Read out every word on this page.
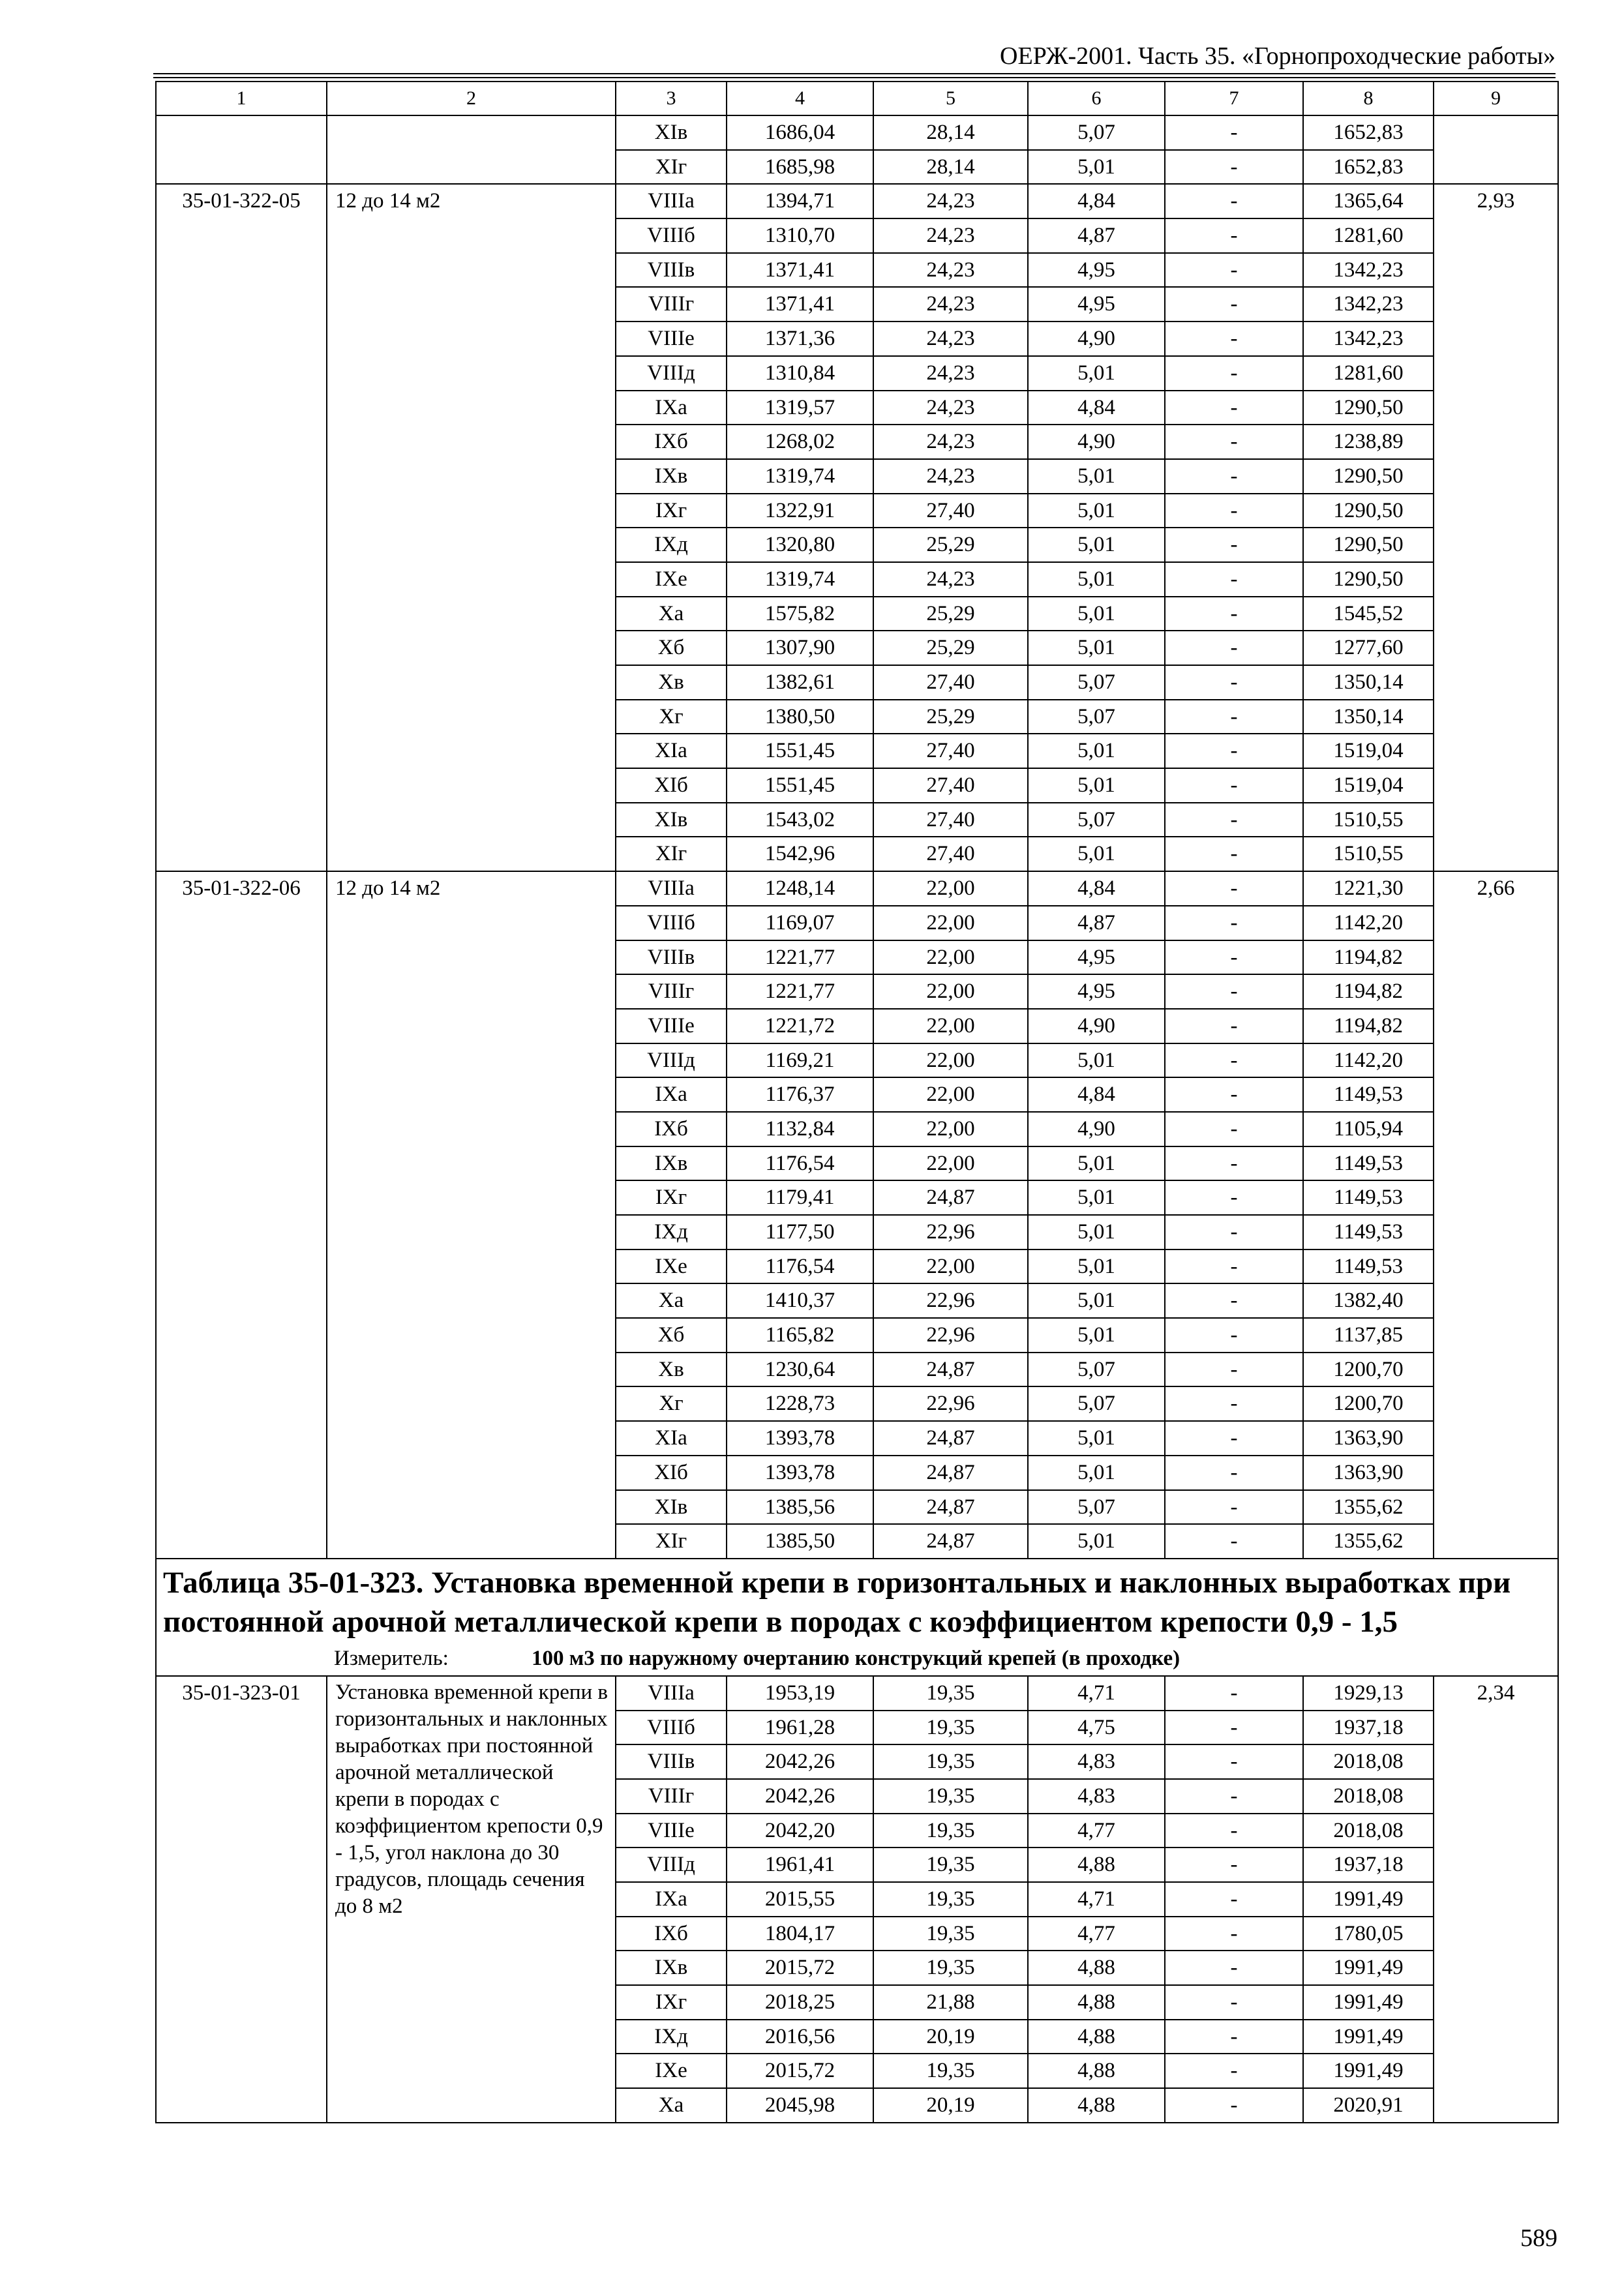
ОЕРЖ-2001. Часть 35. «Горнопроходческие работы»
1	2	3	4	5	6	7	8	9
		XIв	1686,04	28,14	5,07	-	1652,83	
		XIг	1685,98	28,14	5,01	-	1652,83	
35-01-322-05	12 до 14 м2	VIIIа	1394,71	24,23	4,84	-	1365,64	2,93
		VIIIб	1310,70	24,23	4,87	-	1281,60	
		VIIIв	1371,41	24,23	4,95	-	1342,23	
		VIIIг	1371,41	24,23	4,95	-	1342,23	
		VIIIе	1371,36	24,23	4,90	-	1342,23	
		VIIIд	1310,84	24,23	5,01	-	1281,60	
		IXа	1319,57	24,23	4,84	-	1290,50	
		IXб	1268,02	24,23	4,90	-	1238,89	
		IXв	1319,74	24,23	5,01	-	1290,50	
		IXг	1322,91	27,40	5,01	-	1290,50	
		IXд	1320,80	25,29	5,01	-	1290,50	
		IXе	1319,74	24,23	5,01	-	1290,50	
		Xа	1575,82	25,29	5,01	-	1545,52	
		Xб	1307,90	25,29	5,01	-	1277,60	
		Xв	1382,61	27,40	5,07	-	1350,14	
		Xг	1380,50	25,29	5,07	-	1350,14	
		XIа	1551,45	27,40	5,01	-	1519,04	
		XIб	1551,45	27,40	5,01	-	1519,04	
		XIв	1543,02	27,40	5,07	-	1510,55	
		XIг	1542,96	27,40	5,01	-	1510,55	
35-01-322-06	12 до 14 м2	VIIIа	1248,14	22,00	4,84	-	1221,30	2,66
		VIIIб	1169,07	22,00	4,87	-	1142,20	
		VIIIв	1221,77	22,00	4,95	-	1194,82	
		VIIIг	1221,77	22,00	4,95	-	1194,82	
		VIIIе	1221,72	22,00	4,90	-	1194,82	
		VIIIд	1169,21	22,00	5,01	-	1142,20	
		IXа	1176,37	22,00	4,84	-	1149,53	
		IXб	1132,84	22,00	4,90	-	1105,94	
		IXв	1176,54	22,00	5,01	-	1149,53	
		IXг	1179,41	24,87	5,01	-	1149,53	
		IXд	1177,50	22,96	5,01	-	1149,53	
		IXе	1176,54	22,00	5,01	-	1149,53	
		Xа	1410,37	22,96	5,01	-	1382,40	
		Xб	1165,82	22,96	5,01	-	1137,85	
		Xв	1230,64	24,87	5,07	-	1200,70	
		Xг	1228,73	22,96	5,07	-	1200,70	
		XIа	1393,78	24,87	5,01	-	1363,90	
		XIб	1393,78	24,87	5,01	-	1363,90	
		XIв	1385,56	24,87	5,07	-	1355,62	
		XIг	1385,50	24,87	5,01	-	1355,62	

Таблица 35-01-323. Установка временной крепи в горизонтальных и наклонных выработках при постоянной арочной металлической крепи в породах с коэффициентом крепости 0,9 - 1,5
Измеритель: 100 м3 по наружному очертанию конструкций крепей (в проходке)								

35-01-323-01	Установка временной крепи в горизонтальных и наклонных выработках при постоянной арочной металлической крепи в породах с коэффициентом крепости 0,9 - 1,5, угол наклона до 30 градусов, площадь сечения до 8 м2	VIIIа	1953,19	19,35	4,71	-	1929,13	2,34
		VIIIб	1961,28	19,35	4,75	-	1937,18	
		VIIIв	2042,26	19,35	4,83	-	2018,08	
		VIIIг	2042,26	19,35	4,83	-	2018,08	
		VIIIе	2042,20	19,35	4,77	-	2018,08	
		VIIIд	1961,41	19,35	4,88	-	1937,18	
		IXа	2015,55	19,35	4,71	-	1991,49	
		IXб	1804,17	19,35	4,77	-	1780,05	
		IXв	2015,72	19,35	4,88	-	1991,49	
		IXг	2018,25	21,88	4,88	-	1991,49	
		IXд	2016,56	20,19	4,88	-	1991,49	
		IXе	2015,72	19,35	4,88	-	1991,49	
		Xа	2045,98	20,19	4,88	-	2020,91	
589
